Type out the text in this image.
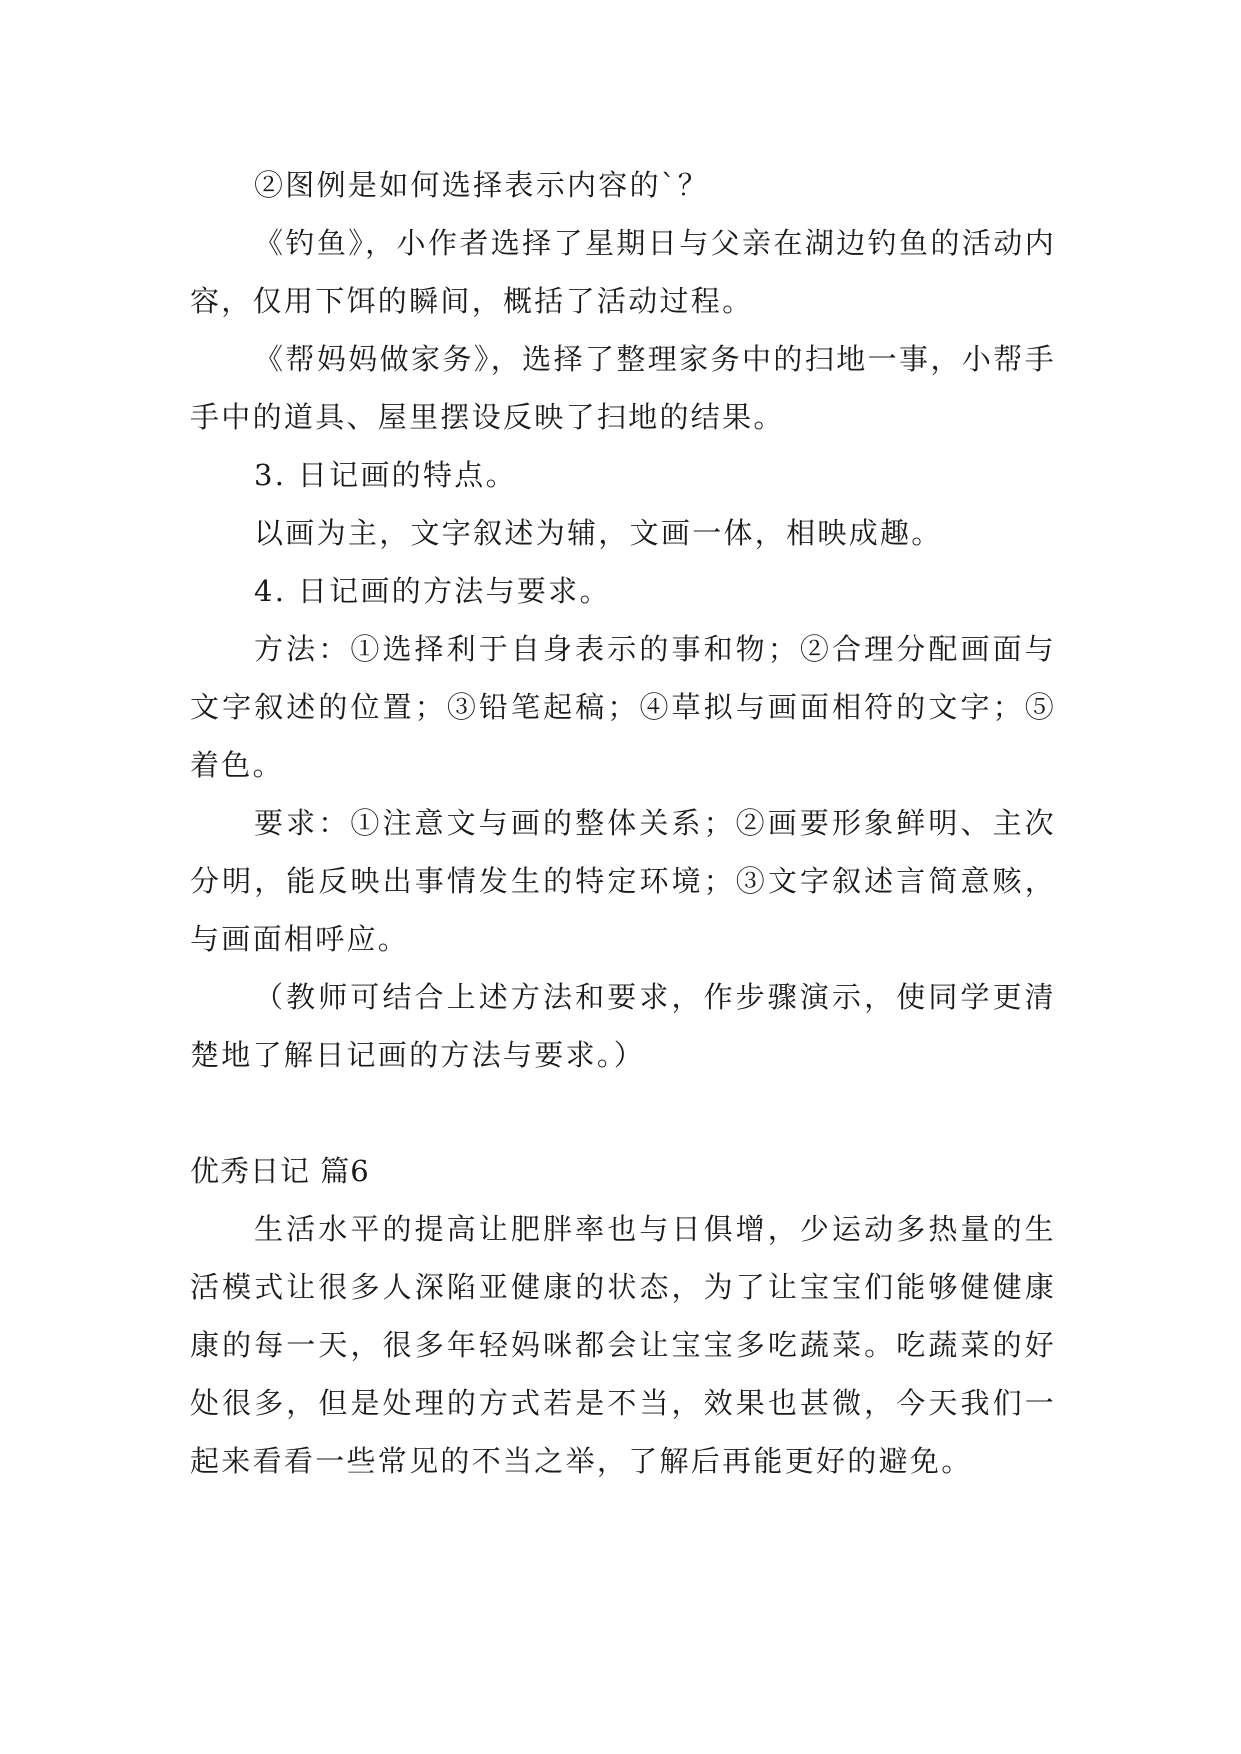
②图例是如何选择表示内容的`？

《钓鱼》，小作者选择了星期日与父亲在湖边钓鱼的活动内容，仅用下饵的瞬间，概括了活动过程。

《帮妈妈做家务》，选择了整理家务中的扫地一事，小帮手手中的道具、屋里摆设反映了扫地的结果。

3. 日记画的特点。

以画为主，文字叙述为辅，文画一体，相映成趣。

4. 日记画的方法与要求。

方法：①选择利于自身表示的事和物；②合理分配画面与文字叙述的位置；③铅笔起稿；④草拟与画面相符的文字；⑤着色。

要求：①注意文与画的整体关系；②画要形象鲜明、主次分明，能反映出事情发生的特定环境；③文字叙述言简意赅，与画面相呼应。

（教师可结合上述方法和要求，作步骤演示，使同学更清楚地了解日记画的方法与要求。）

优秀日记 篇6

生活水平的提高让肥胖率也与日俱增，少运动多热量的生活模式让很多人深陷亚健康的状态，为了让宝宝们能够健健康康的每一天，很多年轻妈咪都会让宝宝多吃蔬菜。吃蔬菜的好处很多，但是处理的方式若是不当，效果也甚微，今天我们一起来看看一些常见的不当之举，了解后再能更好的避免。
